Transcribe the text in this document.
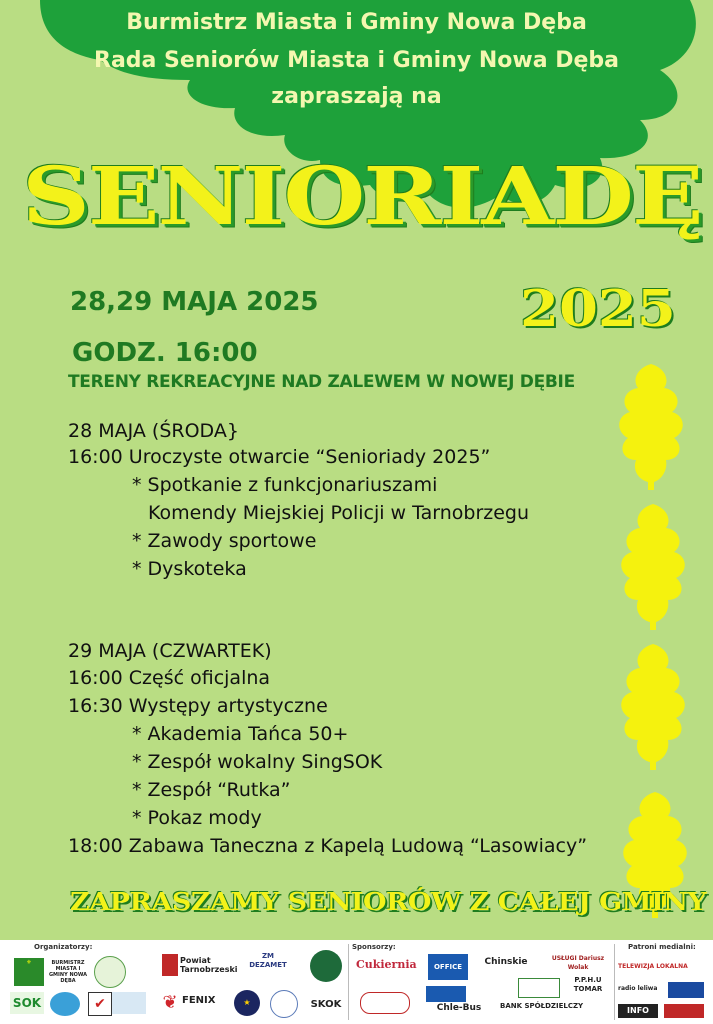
Burmistrz Miasta i Gminy Nowa Dęba
Rada Seniorów Miasta i Gminy Nowa Dęba
zapraszają na
SENIORIADĘ
2025
28,29 MAJA 2025
GODZ. 16:00
TERENY REKREACYJNE NAD ZALEWEM W NOWEJ DĘBIE
28 MAJA (ŚRODA}
16:00 Uroczyste otwarcie “Senioriady 2025”
* Spotkanie z funkcjonariuszami
Komendy Miejskiej Policji w Tarnobrzegu
* Zawody sportowe
* Dyskoteka
29 MAJA (CZWARTEK)
16:00 Część oficjalna
16:30 Występy artystyczne
* Akademia Tańca 50+
* Zespół wokalny SingSOK
* Zespół “Rutka”
* Pokaz mody
18:00 Zabawa Taneczna z Kapelą Ludową “Lasowiacy”
ZAPRASZAMY SENIORÓW Z CAŁEJ GMINY
Organizatorzy:	Sponsorzy:	Patroni medialni:
⚜	BURMISTRZ MIASTA I GMINY NOWA DĘBA
SOK	✔
Powiat Tarnobrzeski
ZM DEZAMET
❦ FENIX	★	SKOK
Cukiernia	OFFICE	Chinskie	USŁUGI Dariusz Wolak
P.P.H.U TOMAR
Chle-Bus	BANK SPÓŁDZIELCZY
TELEWIZJA LOKALNA
radio leliwa
INFO
